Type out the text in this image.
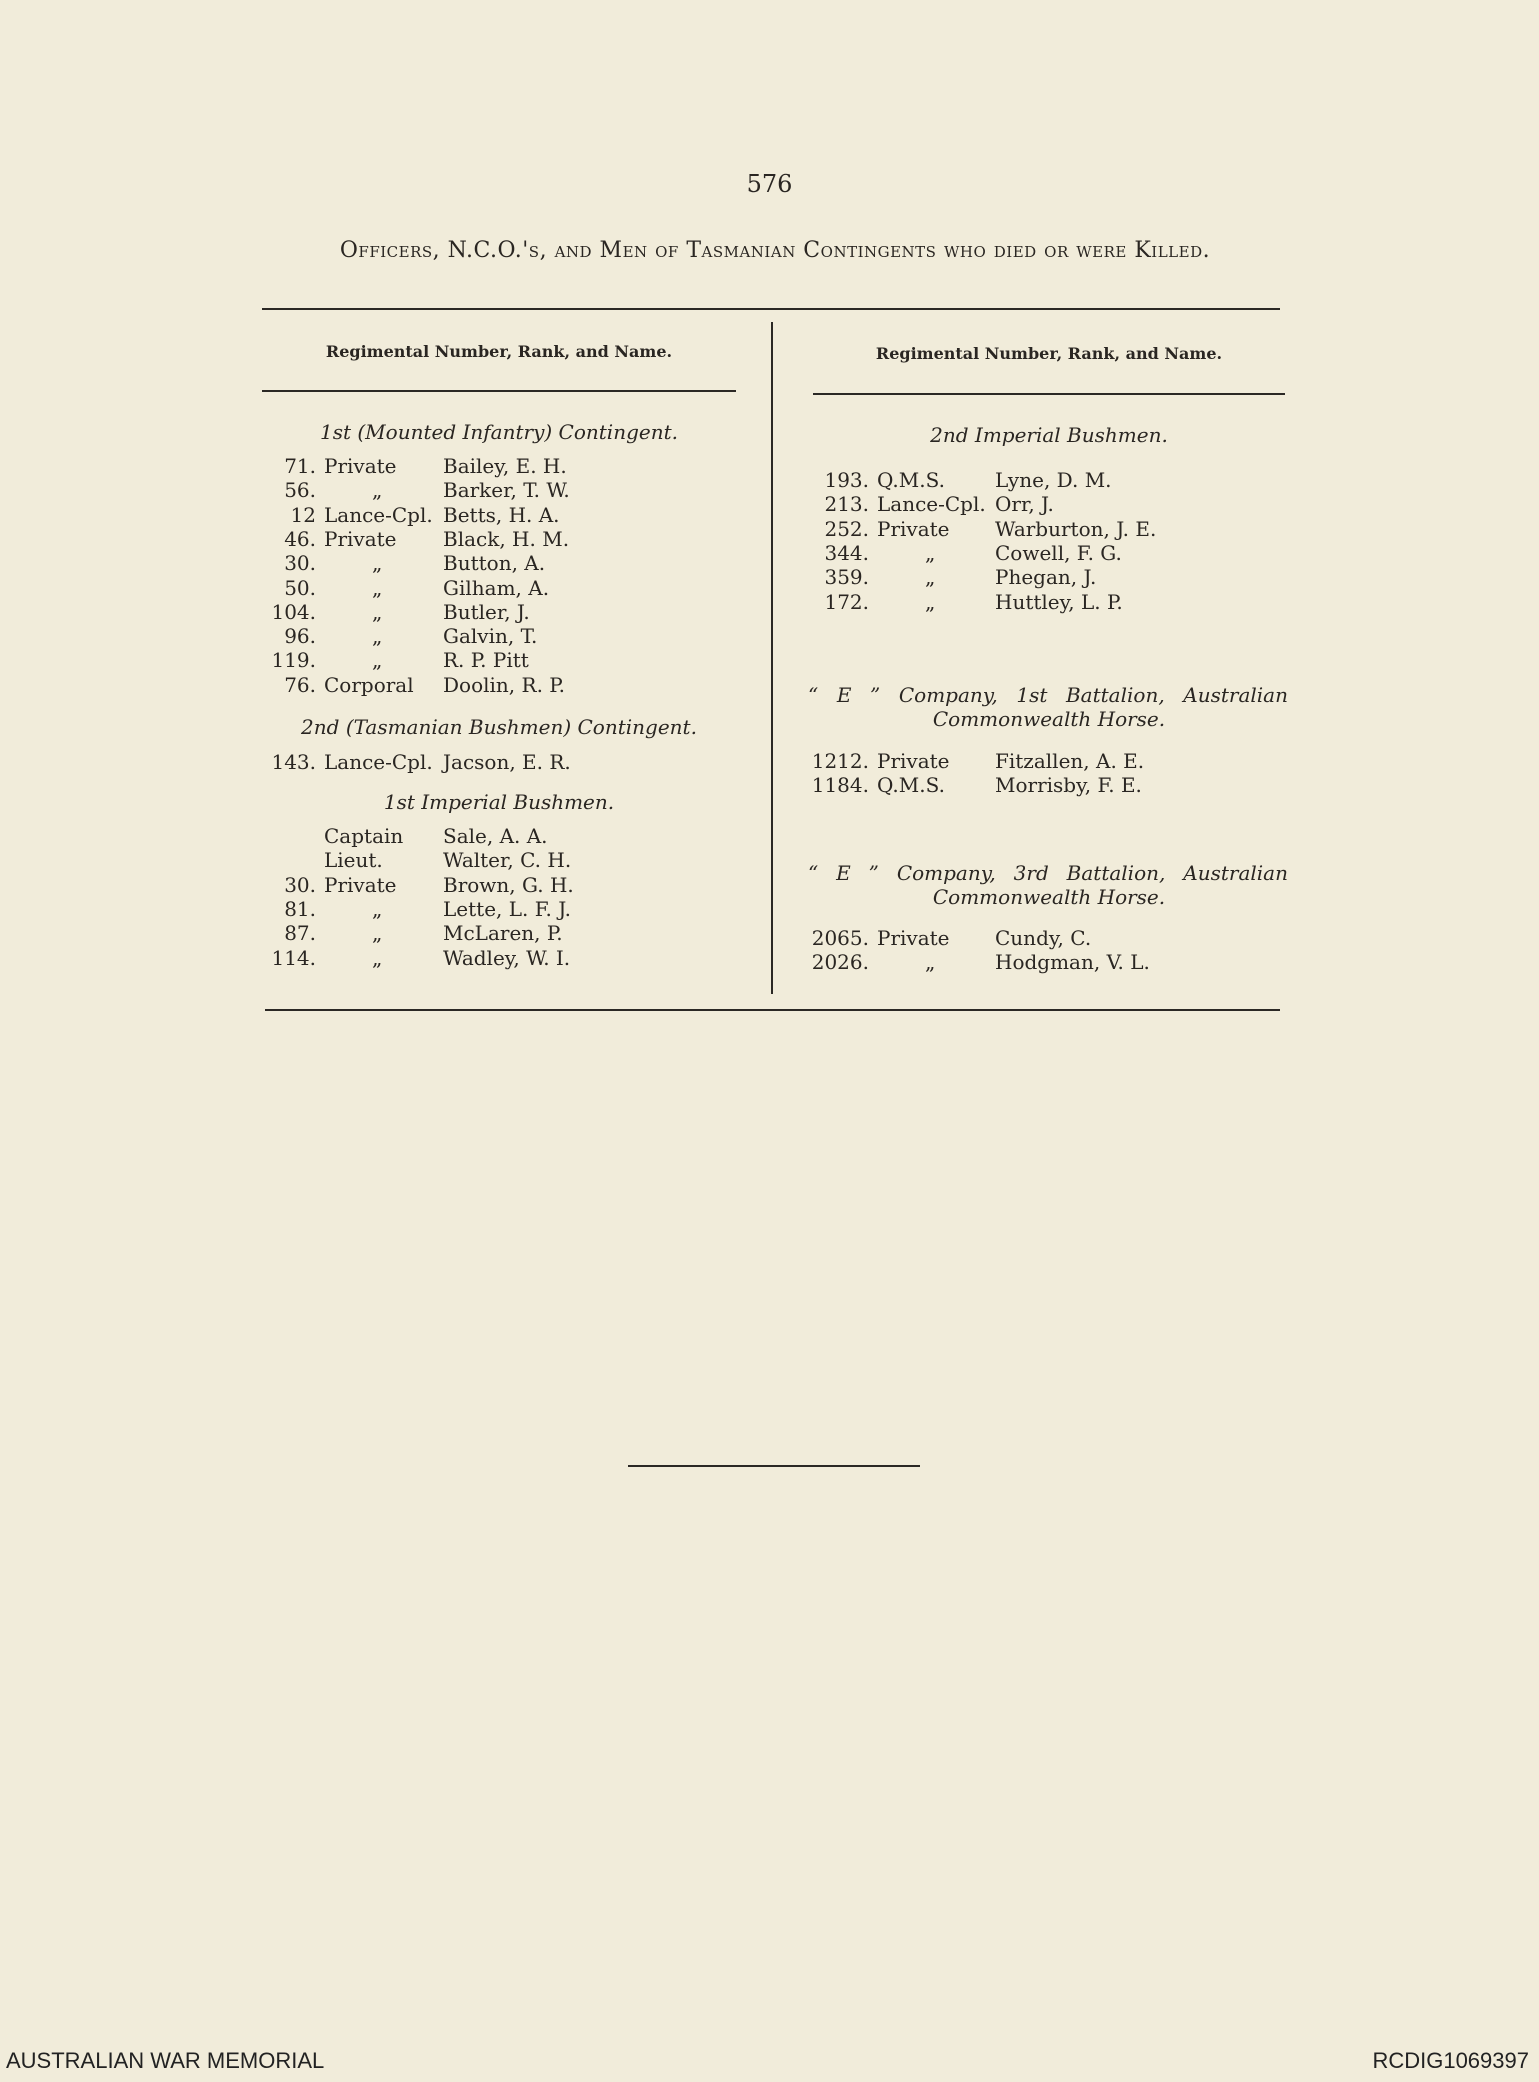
576
Officers, N.C.O.'s, and Men of Tasmanian Contingents who died or were Killed.
Regimental Number, Rank, and Name.	Regimental Number, Rank, and Name.
1st (Mounted Infantry) Contingent.
71. Private Bailey, E. H.
56.	„	Barker, T. W.
12 Lance-Cpl. Betts, H. A.
46. Private Black, H. M.
30.	„	Button, A.
50.	„	Gilham, A.
104.	„	Butler, J.
96.	„	Galvin, T.
119.	„	R. P. Pitt
76. Corporal Doolin, R. P.
2nd (Tasmanian Bushmen) Contingent.
143. Lance-Cpl. Jacson, E. R.
1st Imperial Bushmen.
Captain Sale, A. A.
Lieut.	Walter, C. H.
30. Private Brown, G. H.
81.	„	Lette, L. F. J.
87.	„	McLaren, P.
114.	„	Wadley, W. I.
2nd Imperial Bushmen.
193. Q.M.S.	Lyne, D. M.
213. Lance-Cpl. Orr, J.
252. Private Warburton, J. E.
344.	„	Cowell, F. G.
359.	„	Phegan, J.
172.	„	Huttley, L. P.
“ E ” Company, 1st Battalion, Australian
Commonwealth Horse.
1212. Private Fitzallen, A. E.
1184. Q.M.S.	Morrisby, F. E.
“ E ” Company, 3rd Battalion, Australian
Commonwealth Horse.
2065. Private Cundy, C.
2026.	„	Hodgman, V. L.
AUSTRALIAN WAR MEMORIAL	RCDIG1069397
